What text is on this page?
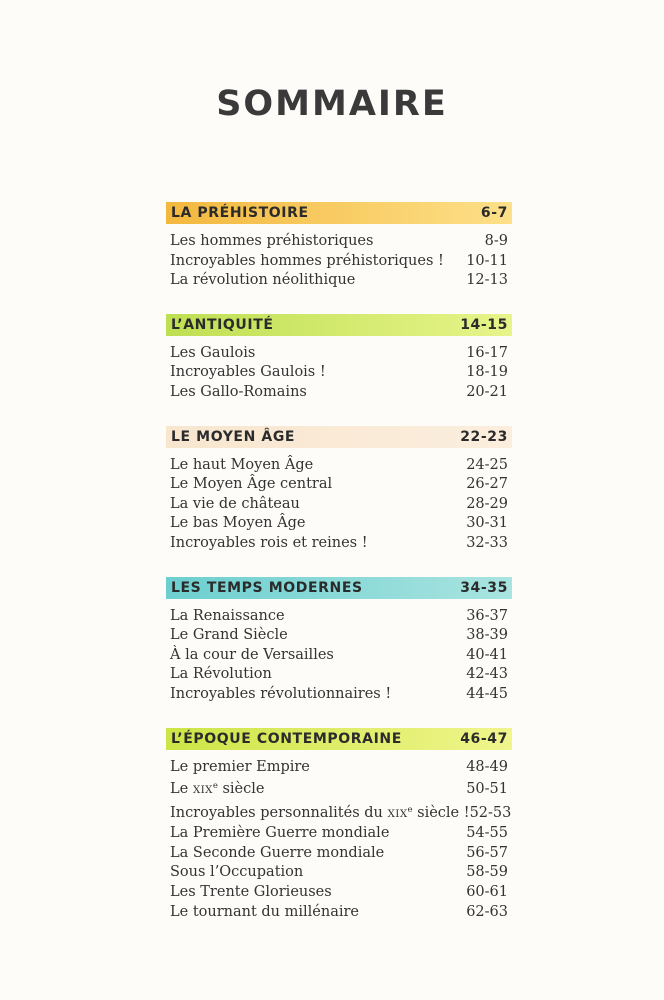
SOMMAIRE
LA PRÉHISTOIRE	6-7
Les hommes préhistoriques	8-9
Incroyables hommes préhistoriques ! 10-11
La révolution néolithique	12-13
L’ANTIQUITÉ	14-15
Les Gaulois	16-17
Incroyables Gaulois !	18-19
Les Gallo-Romains	20-21
LE MOYEN ÂGE	22-23
Le haut Moyen Âge	24-25
Le Moyen Âge central	26-27
La vie de château	28-29
Le bas Moyen Âge	30-31
Incroyables rois et reines !	32-33
LES TEMPS MODERNES	34-35
La Renaissance	36-37
Le Grand Siècle	38-39
À la cour de Versailles	40-41
La Révolution	42-43
Incroyables révolutionnaires !	44-45
L’ÉPOQUE CONTEMPORAINE	46-47
Le premier Empire	48-49
Le XIXe siècle	50-51
Incroyables personnalités du XIXe siècle ! 52-53
La Première Guerre mondiale	54-55
La Seconde Guerre mondiale	56-57
Sous l’Occupation	58-59
Les Trente Glorieuses	60-61
Le tournant du millénaire	62-63
